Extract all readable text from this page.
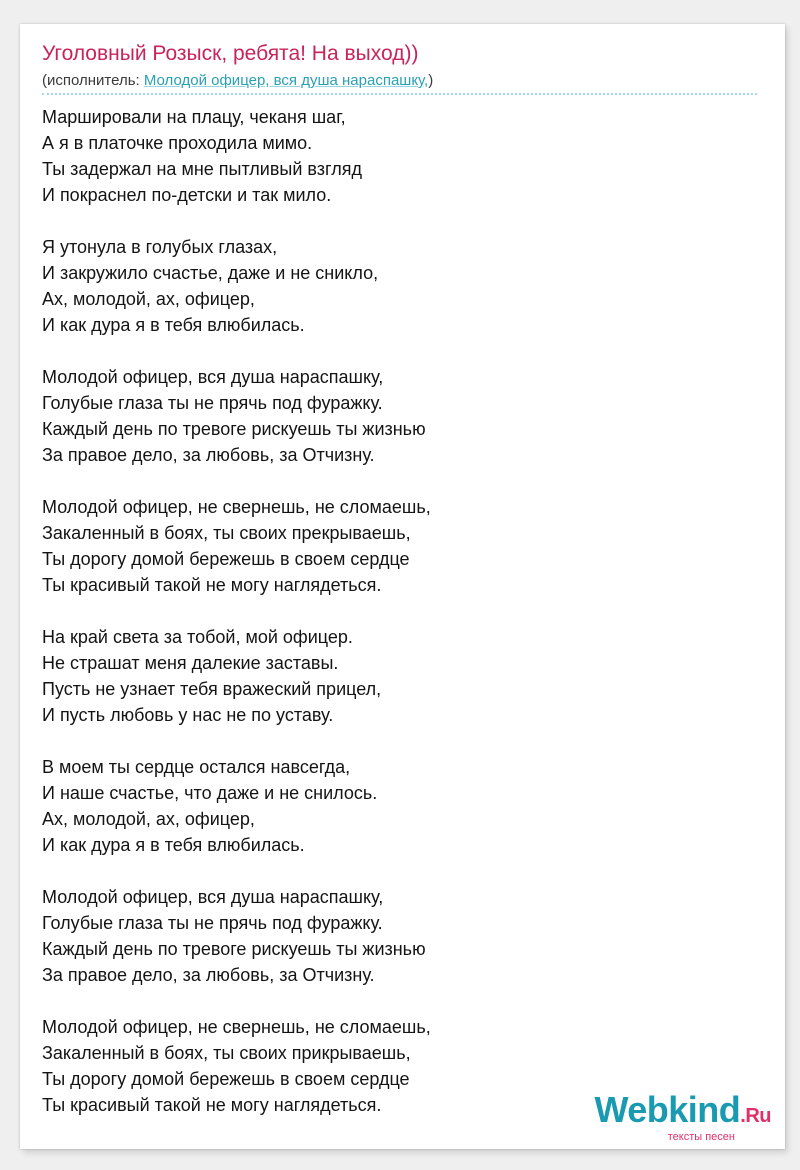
Уголовный Розыск, ребята! На выход))
(исполнитель: Молодой офицер, вся душа нараспашку,)
Маршировали на плацу, чеканя шаг,
А я в платочке проходила мимо.
Ты задержал на мне пытливый взгляд
И покраснел по-детски и так мило.
Я утонула в голубых глазах,
И закружило счастье, даже и не сникло,
Ах, молодой, ах, офицер,
И как дура я в тебя влюбилась.
Молодой офицер, вся душа нараспашку,
Голубые глаза ты не прячь под фуражку.
Каждый день по тревоге рискуешь ты жизнью
За правое дело, за любовь, за Отчизну.
Молодой офицер, не свернешь, не сломаешь,
Закаленный в боях, ты своих прекрываешь,
Ты дорогу домой бережешь в своем сердце
Ты красивый такой не могу наглядеться.
На край света за тобой, мой офицер.
Не страшат меня далекие заставы.
Пусть не узнает тебя вражеский прицел,
И пусть любовь у нас не по уставу.
В моем ты сердце остался навсегда,
И наше счастье, что даже и не снилось.
Ах, молодой, ах, офицер,
И как дура я в тебя влюбилась.
Молодой офицер, вся душа нараспашку,
Голубые глаза ты не прячь под фуражку.
Каждый день по тревоге рискуешь ты жизнью
За правое дело, за любовь, за Отчизну.
Молодой офицер, не свернешь, не сломаешь,
Закаленный в боях, ты своих прикрываешь,
Ты дорогу домой бережешь в своем сердце
Ты красивый такой не могу наглядеться.	Webkind.Ru
тексты песен
